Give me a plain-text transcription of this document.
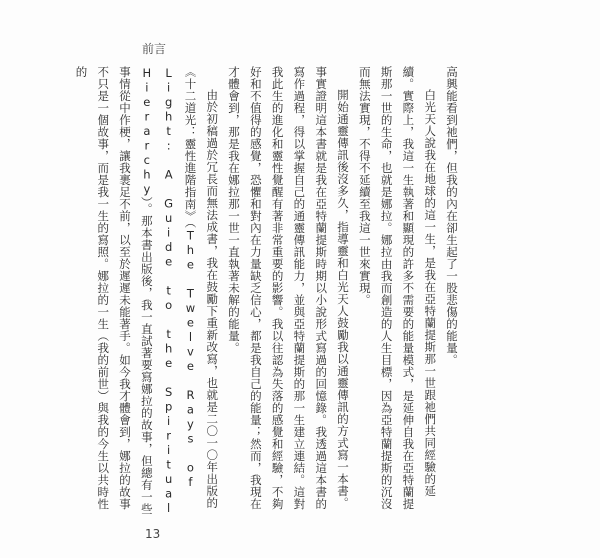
前言

高興能看到祂們，但我的內在卻生起了一股悲傷的能量。

白光天人說我在地球的這一生，是我在亞特蘭提斯那一世跟祂們共同經驗的延續。實際上，我這一生執著和顯現的許多不需要的能量模式，是延伸自我在亞特蘭提斯那一世的生命，也就是娜拉。娜拉由我而創造的人生目標，因為亞特蘭提斯的沉沒而無法實現，不得不延續至我這一世來實現。

開始通靈傳訊後沒多久，指導靈和白光天人鼓勵我以通靈傳訊的方式寫一本書。事實證明這本書就是我在亞特蘭提斯時期以小說形式寫過的回憶錄。我透過這本書的寫作過程，得以掌握自己的通靈傳訊能力，並與亞特蘭提斯的那一生建立連結。這對我此生的進化和靈性覺醒有著非常重要的影響。我以往認為失落的感覺和經驗，不夠好和不值得的感覺，恐懼和對內在力量缺乏信心，都是我自己的能量；然而，我現在才體會到，那是我在娜拉那一世一直執著未解的能量。

由於初稿過於冗長而無法成書，我在鼓勵下重新改寫，也就是二〇一〇年出版的《十二道光：靈性進階指南》（The Twelve Rays of Light: A Guide to the Spiritual Hierarchy）。那本書出版後，我一直試著要寫娜拉的故事，但總有一些事情從中作梗，讓我裹足不前，以至於遲遲未能著手。如今我才體會到，娜拉的故事不只是一個故事，而是我一生的寫照。娜拉的一生（我的前世）與我的今生以共時性的

13
